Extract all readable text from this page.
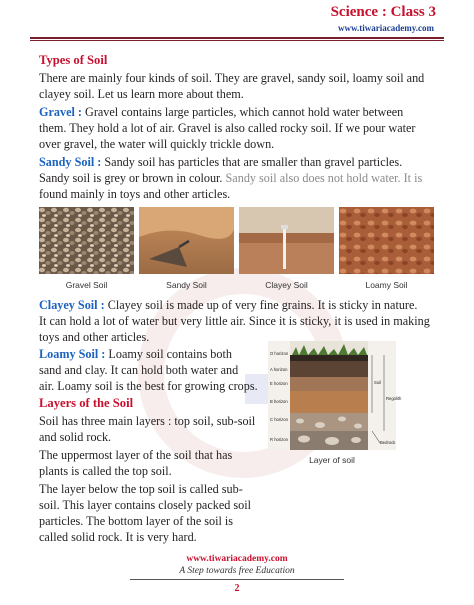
Science : Class 3
www.tiwariacademy.com
Types of Soil
There are mainly four kinds of soil. They are gravel, sandy soil, loamy soil and
clayey soil. Let us learn more about them.
Gravel : Gravel contains large particles, which cannot hold water between
them. They hold a lot of air. Gravel is also called rocky soil. If we pour water
over gravel, the water will quickly trickle down.
Sandy Soil : Sandy soil has particles that are smaller than gravel particles.
Sandy soil is grey or brown in colour. Sandy soil also does not hold water. It is
found mainly in toys and other articles.
Gravel Soil	Sandy Soil	Clayey Soil	Loamy Soil
Clayey Soil : Clayey soil is made up of very fine grains. It is sticky in nature.
It can hold a lot of water but very little air. Since it is sticky, it is used in making
toys and other articles.
Loamy Soil : Loamy soil contains both
sand and clay. It can hold both water and
air. Loamy soil is the best for growing crops.
Layers of the Soil
Soil has three main layers : top soil, sub-soil
and solid rock.
The uppermost layer of the soil that has
plants is called the top soil.
The layer below the top soil is called sub-
soil. This layer contains closely packed soil
particles. The bottom layer of the soil is
called solid rock. It is very hard.
O horizon
A horizon
E horizon
B horizon
C horizon
R horizon
Soil
Regolith
Bedrock
Layer of soil
www.tiwariacademy.com
A Step towards free Education
2
